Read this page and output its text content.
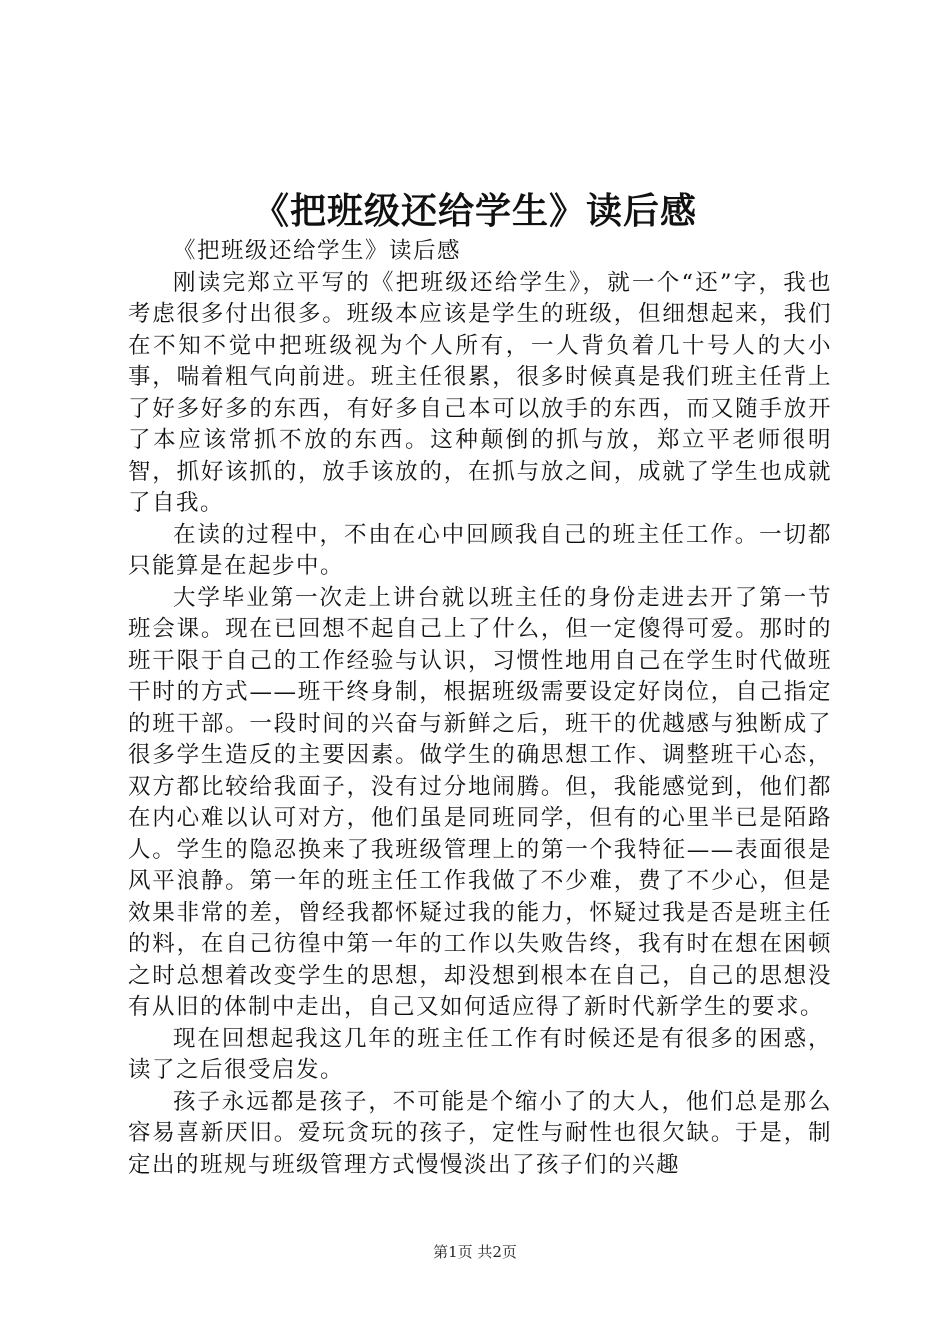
《把班级还给学生》读后感

《把班级还给学生》读后感

刚读完郑立平写的《把班级还给学生》，就一个“还”字，我也考虑很多付出很多。班级本应该是学生的班级，但细想起来，我们在不知不觉中把班级视为个人所有，一人背负着几十号人的大小事，喘着粗气向前进。班主任很累，很多时候真是我们班主任背上了好多好多的东西，有好多自己本可以放手的东西，而又随手放开了本应该常抓不放的东西。这种颠倒的抓与放，郑立平老师很明智，抓好该抓的，放手该放的，在抓与放之间，成就了学生也成就了自我。

在读的过程中，不由在心中回顾我自己的班主任工作。一切都只能算是在起步中。

大学毕业第一次走上讲台就以班主任的身份走进去开了第一节班会课。现在已回想不起自己上了什么，但一定傻得可爱。那时的班干限于自己的工作经验与认识，习惯性地用自己在学生时代做班干时的方式——班干终身制，根据班级需要设定好岗位，自己指定的班干部。一段时间的兴奋与新鲜之后，班干的优越感与独断成了很多学生造反的主要因素。做学生的确思想工作、调整班干心态，双方都比较给我面子，没有过分地闹腾。但，我能感觉到，他们都在内心难以认可对方，他们虽是同班同学，但有的心里半已是陌路人。学生的隐忍换来了我班级管理上的第一个我特征——表面很是风平浪静。第一年的班主任工作我做了不少难，费了不少心，但是效果非常的差，曾经我都怀疑过我的能力，怀疑过我是否是班主任的料，在自己彷徨中第一年的工作以失败告终，我有时在想在困顿之时总想着改变学生的思想，却没想到根本在自己，自己的思想没有从旧的体制中走出，自己又如何适应得了新时代新学生的要求。

现在回想起我这几年的班主任工作有时候还是有很多的困惑，读了之后很受启发。

孩子永远都是孩子，不可能是个缩小了的大人，他们总是那么容易喜新厌旧。爱玩贪玩的孩子，定性与耐性也很欠缺。于是，制定出的班规与班级管理方式慢慢淡出了孩子们的兴趣

第1页 共2页
